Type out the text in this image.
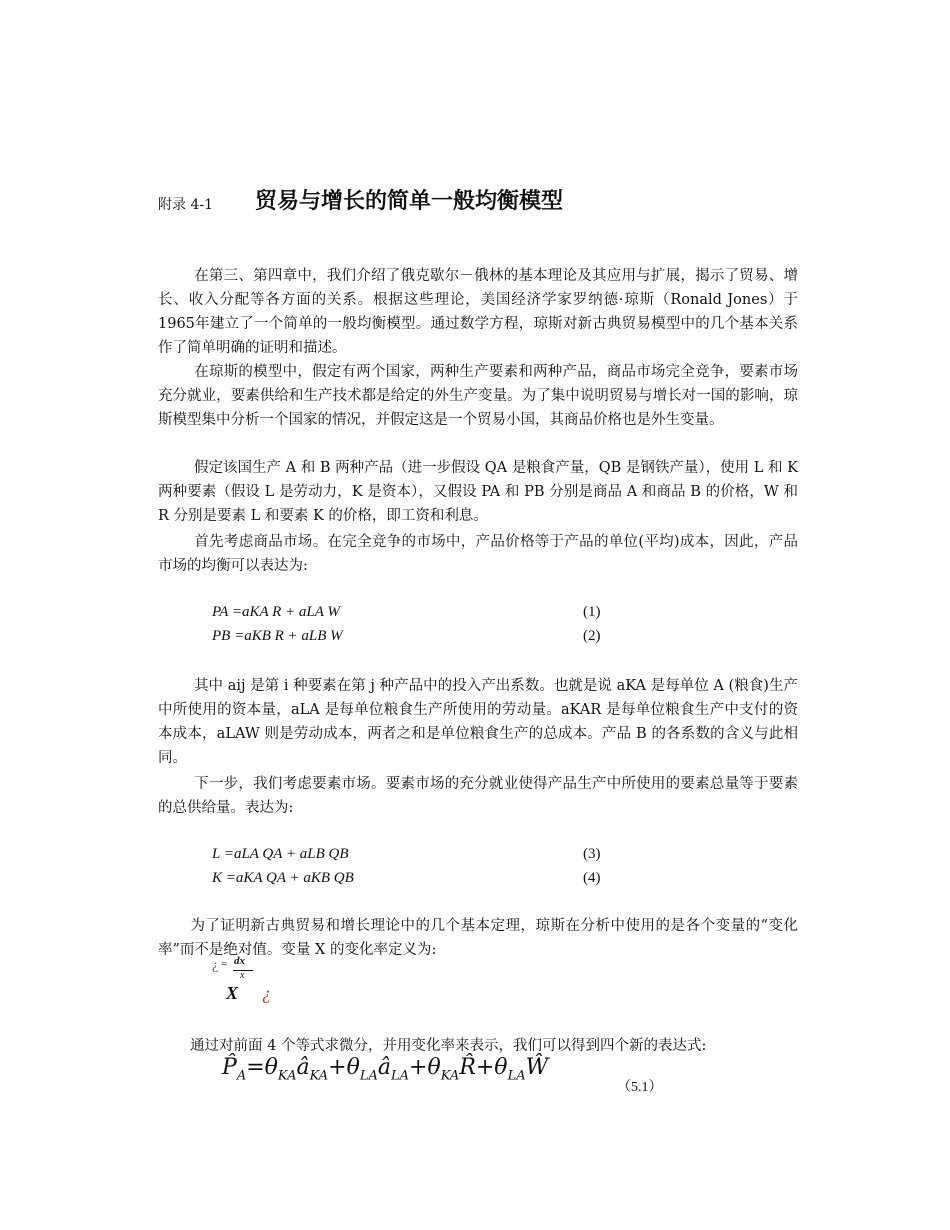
附录 4-1 贸易与增长的简单一般均衡模型
在第三、第四章中，我们介绍了俄克歇尔－俄林的基本理论及其应用与扩展，揭示了贸易、增长、收入分配等各方面的关系。根据这些理论，美国经济学家罗纳德·琼斯（Ronald Jones）于1965年建立了一个简单的一般均衡模型。通过数学方程，琼斯对新古典贸易模型中的几个基本关系作了简单明确的证明和描述。
在琼斯的模型中，假定有两个国家，两种生产要素和两种产品，商品市场完全竞争，要素市场充分就业，要素供给和生产技术都是给定的外生产变量。为了集中说明贸易与增长对一国的影响，琼斯模型集中分析一个国家的情况，并假定这是一个贸易小国，其商品价格也是外生变量。
假定该国生产 A 和 B 两种产品（进一步假设 QA 是粮食产量，QB 是钢铁产量），使用 L 和 K 两种要素（假设 L 是劳动力，K 是资本），又假设 PA 和 PB 分别是商品 A 和商品 B 的价格，W 和 R 分别是要素 L 和要素 K 的价格，即工资和利息。
首先考虑商品市场。在完全竞争的市场中，产品价格等于产品的单位(平均)成本，因此，产品市场的均衡可以表达为:
PA =aKA R + aLA W	(1)
PB =aKB R + aLB W	(2)
其中 aij 是第 i 种要素在第 j 种产品中的投入产出系数。也就是说 aKA 是每单位 A (粮食)生产中所使用的资本量，aLA 是每单位粮食生产所使用的劳动量。aKAR 是每单位粮食生产中支付的资本成本，aLAW 则是劳动成本，两者之和是单位粮食生产的总成本。产品 B 的各系数的含义与此相同。
下一步，我们考虑要素市场。要素市场的充分就业使得产品生产中所使用的要素总量等于要素的总供给量。表达为:
L =aLA QA + aLB QB	(3)
K =aKA QA + aKB QB	(4)
为了证明新古典贸易和增长理论中的几个基本定理，琼斯在分析中使用的是各个变量的“变化率”而不是绝对值。变量 X 的变化率定义为:
¿ = dx
x
X ¿
通过对前面 4 个等式求微分，并用变化率来表示，我们可以得到四个新的表达式:
$P̂_A=\theta_{KA}â_{KA}+\theta_{LA}â_{LA}+\theta_{KA}R̂+\theta_{LA}Ŵ$
（5.1）
